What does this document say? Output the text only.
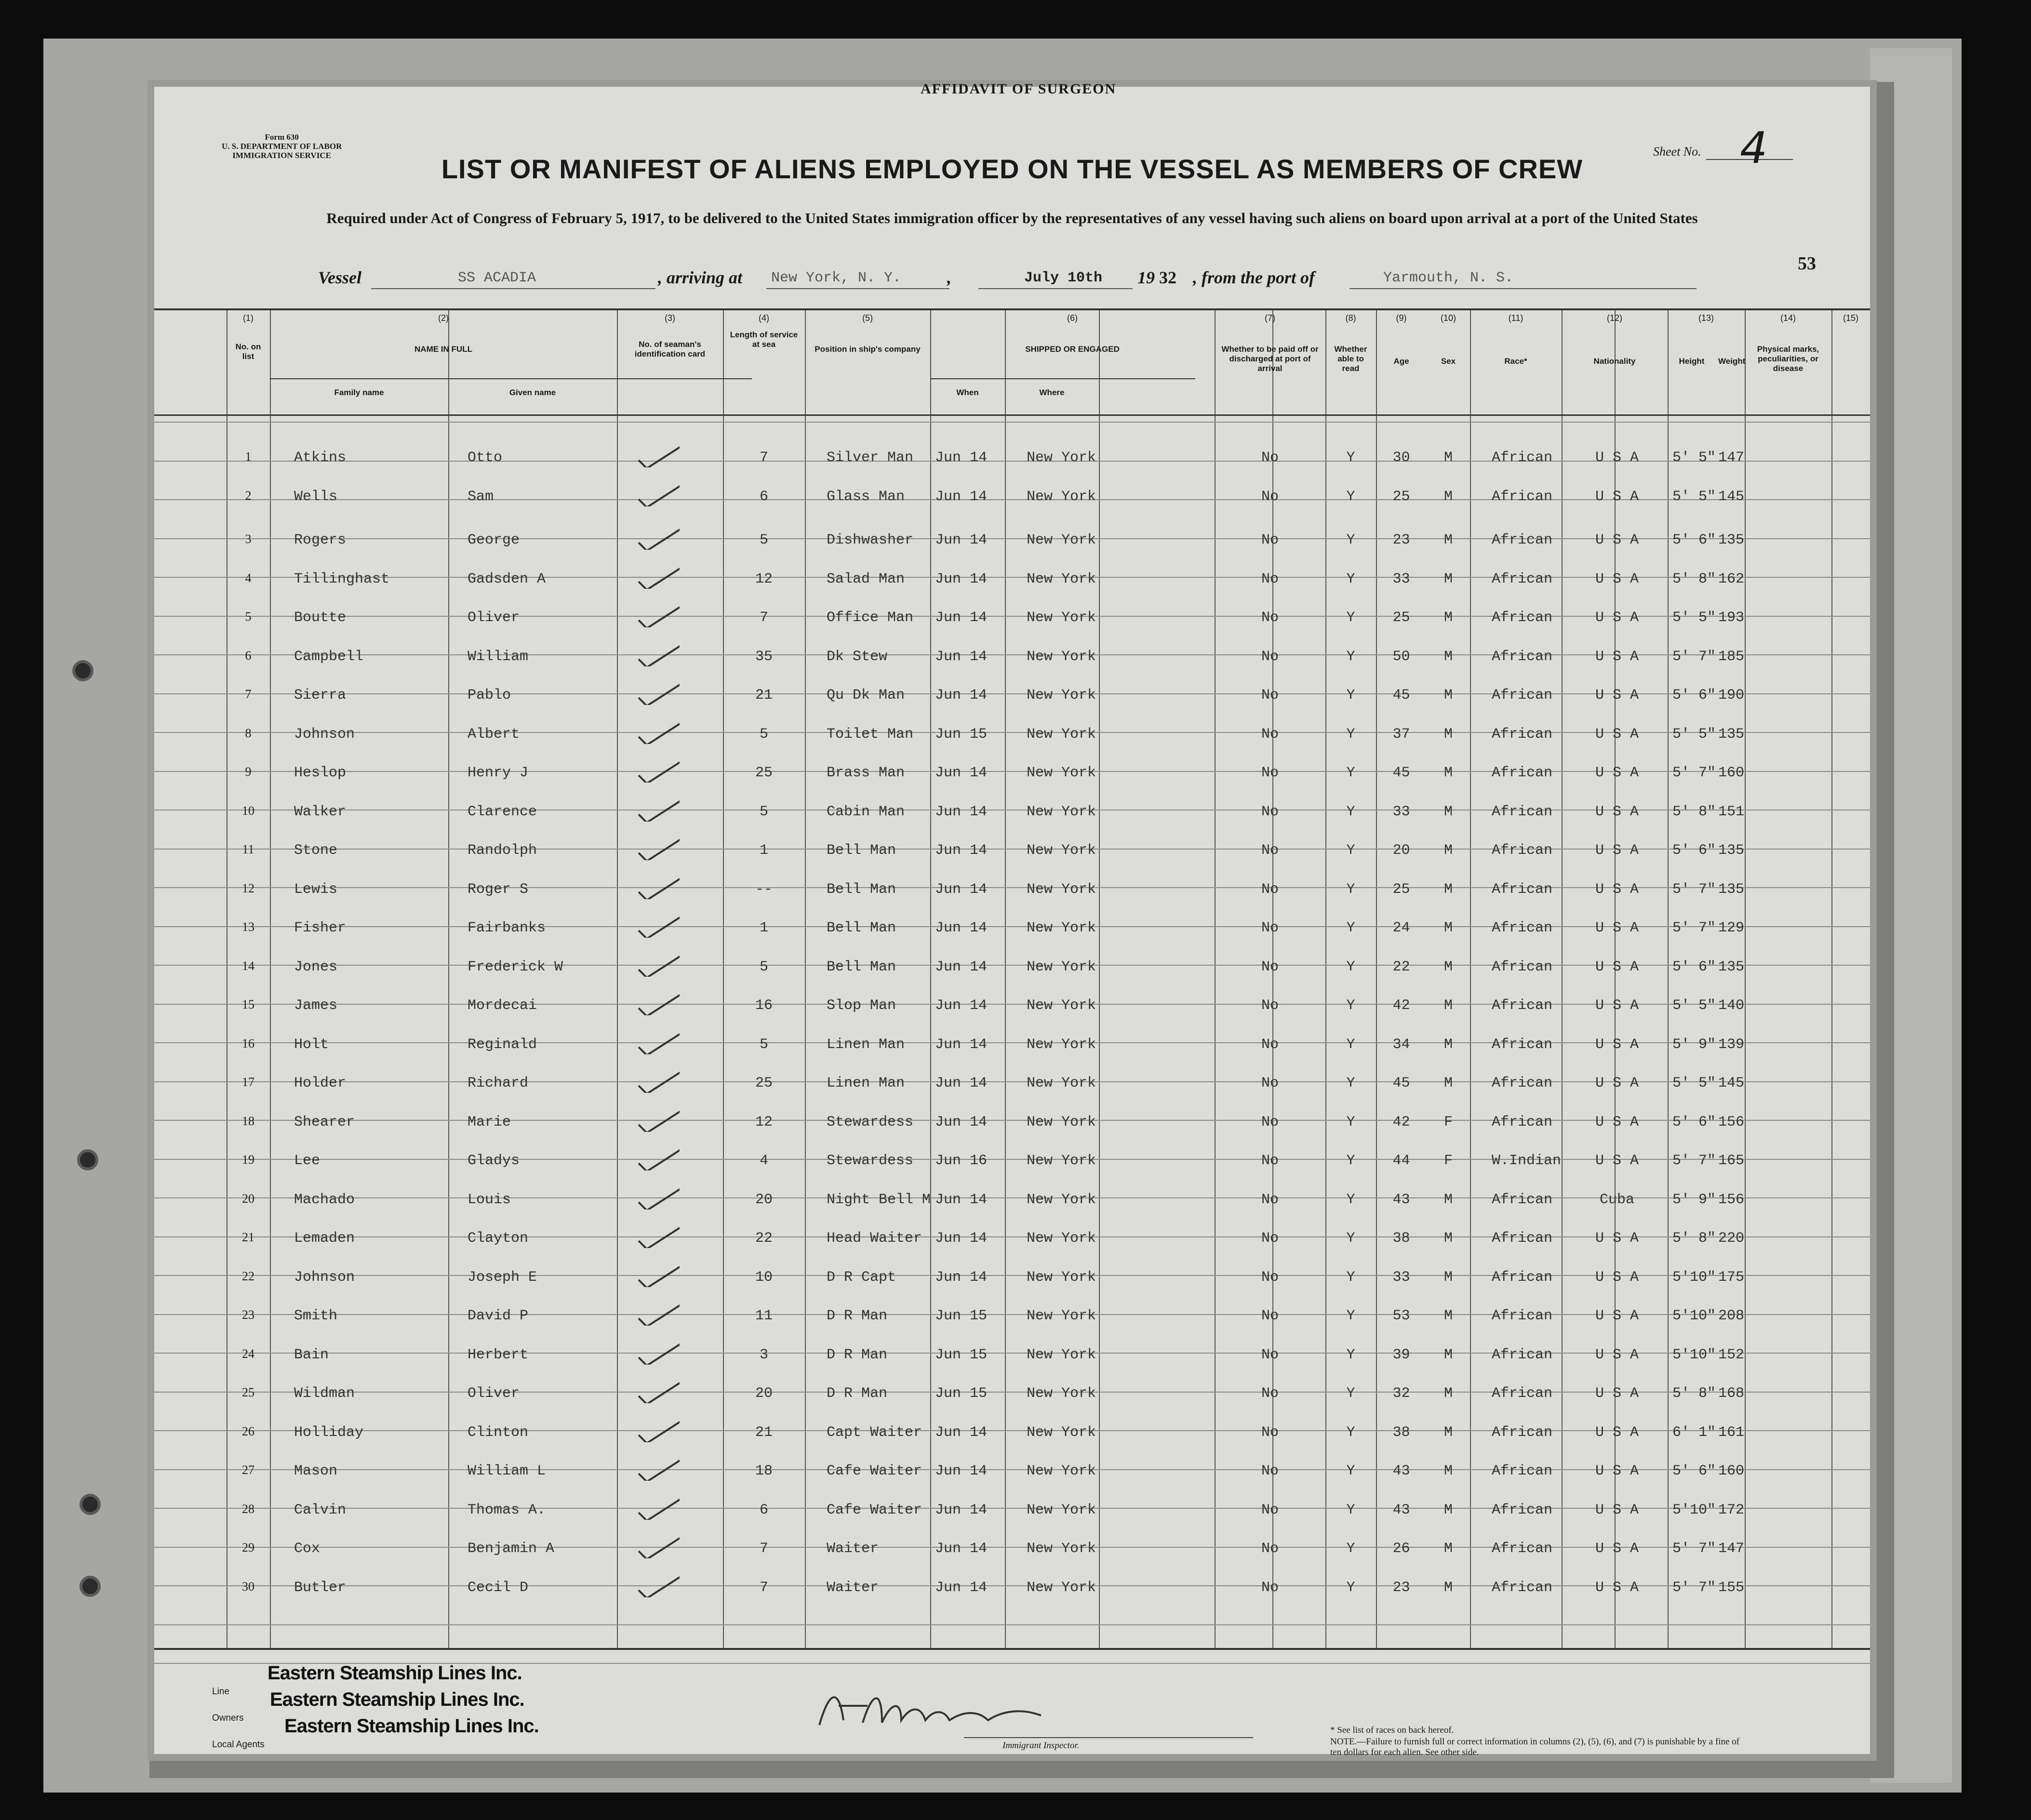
AFFIDAVIT OF SURGEON
Form 630
U. S. DEPARTMENT OF LABOR
IMMIGRATION SERVICE	Sheet No. 4
LIST OR MANIFEST OF ALIENS EMPLOYED ON THE VESSEL AS MEMBERS OF CREW
Required under Act of Congress of February 5, 1917, to be delivered to the United States immigration officer by the representatives of any vessel having such aliens on board upon arrival at a port of the United States
53
Vessel	SS ACADIA	, arriving at New York, N. Y.	,	July 10th 19 32 , from the port of	Yarmouth, N. S.
(1)	(2)	(3)	(4)	(5)	(6)	(7)	(8)	(9)	(10)	(11)	(12)	(13)	(14)	(15)
No. on list
NAME IN FULL
Family name	Given name
No. of seaman's identification card
Length of service at sea
Position in ship's company	SHIPPED OR ENGAGED
When	Where
Whether to be paid off or discharged at port of arrival
Whether able to read
Age	Sex	Race*	Nationality	Height	Weight
Physical marks, peculiarities, or disease
1	Atkins	Otto	7	Silver Man Jun 14	New York	No	Y	30	M	African	U S A	5' 5" 147
2	Wells	Sam	6	Glass Man Jun 14	New York	No	Y	25	M	African	U S A	5' 5" 145
3	Rogers	George	5	Dishwasher Jun 14	New York	No	Y	23	M	African	U S A	5' 6" 135
4	Tillinghast	Gadsden A	12	Salad Man Jun 14	New York	No	Y	33	M	African	U S A	5' 8" 162
5	Boutte	Oliver	7	Office Man Jun 14	New York	No	Y	25	M	African	U S A	5' 5" 193
6	Campbell	William	35	Dk Stew	Jun 14	New York	No	Y	50	M	African	U S A	5' 7" 185
7	Sierra	Pablo	21	Qu Dk Man Jun 14	New York	No	Y	45	M	African	U S A	5' 6" 190
8	Johnson	Albert	5	Toilet Man Jun 15	New York	No	Y	37	M	African	U S A	5' 5" 135
9	Heslop	Henry J	25	Brass Man Jun 14	New York	No	Y	45	M	African	U S A	5' 7" 160
10	Walker	Clarence	5	Cabin Man Jun 14	New York	No	Y	33	M	African	U S A	5' 8" 151
11	Stone	Randolph	1	Bell Man	Jun 14	New York	No	Y	20	M	African	U S A	5' 6" 135
12	Lewis	Roger S	--	Bell Man	Jun 14	New York	No	Y	25	M	African	U S A	5' 7" 135
13	Fisher	Fairbanks	1	Bell Man	Jun 14	New York	No	Y	24	M	African	U S A	5' 7" 129
14	Jones	Frederick W	5	Bell Man	Jun 14	New York	No	Y	22	M	African	U S A	5' 6" 135
15	James	Mordecai	16	Slop Man	Jun 14	New York	No	Y	42	M	African	U S A	5' 5" 140
16	Holt	Reginald	5	Linen Man Jun 14	New York	No	Y	34	M	African	U S A	5' 9" 139
17	Holder	Richard	25	Linen Man Jun 14	New York	No	Y	45	M	African	U S A	5' 5" 145
18	Shearer	Marie	12	Stewardess Jun 14	New York	No	Y	42	F	African	U S A	5' 6" 156
19	Lee	Gladys	4	Stewardess Jun 16	New York	No	Y	44	F	W.Indian	U S A	5' 7" 165
20	Machado	Louis	20	Night Bell M Jun 14	New York	No	Y	43	M	African	Cuba	5' 9" 156
21	Lemaden	Clayton	22	Head Waiter Jun 14	New York	No	Y	38	M	African	U S A	5' 8" 220
22	Johnson	Joseph E	10	D R Capt	Jun 14	New York	No	Y	33	M	African	U S A	5'10" 175
23	Smith	David P	11	D R Man	Jun 15	New York	No	Y	53	M	African	U S A	5'10" 208
24	Bain	Herbert	3	D R Man	Jun 15	New York	No	Y	39	M	African	U S A	5'10" 152
25	Wildman	Oliver	20	D R Man	Jun 15	New York	No	Y	32	M	African	U S A	5' 8" 168
26	Holliday	Clinton	21	Capt Waiter Jun 14	New York	No	Y	38	M	African	U S A	6' 1" 161
27	Mason	William L	18	Cafe Waiter Jun 14	New York	No	Y	43	M	African	U S A	5' 6" 160
28	Calvin	Thomas A.	6	Cafe Waiter Jun 14	New York	No	Y	43	M	African	U S A	5'10" 172
29	Cox	Benjamin A	7	Waiter	Jun 14	New York	No	Y	26	M	African	U S A	5' 7" 147
30	Butler	Cecil D	7	Waiter	Jun 14	New York	No	Y	23	M	African	U S A	5' 7" 155
Line
Owners
Local Agents
Eastern Steamship Lines Inc.
Eastern Steamship Lines Inc.
Eastern Steamship Lines Inc.
Immigrant Inspector.
* See list of races on back hereof.
NOTE.—Failure to furnish full or correct information in columns (2), (5), (6), and (7) is punishable by a fine of ten dollars for each alien. See other side.
